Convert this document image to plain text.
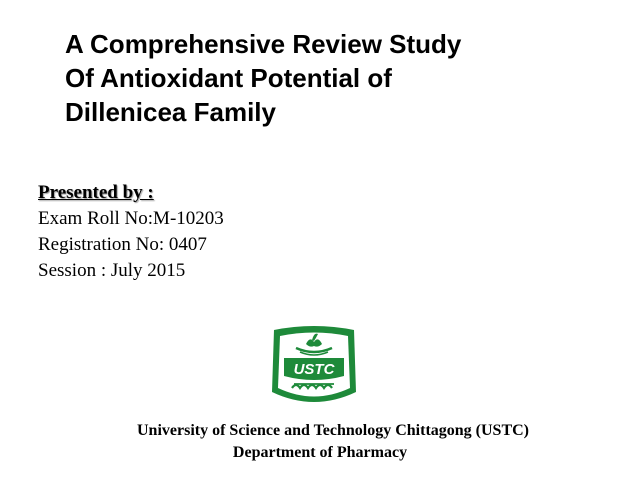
A Comprehensive Review Study
Of Antioxidant Potential of
Dillenicea Family
Presented by :
Exam Roll No:M-10203
Registration No: 0407
Session : July 2015
USTC
University of Science and Technology Chittagong (USTC)
Department of Pharmacy
